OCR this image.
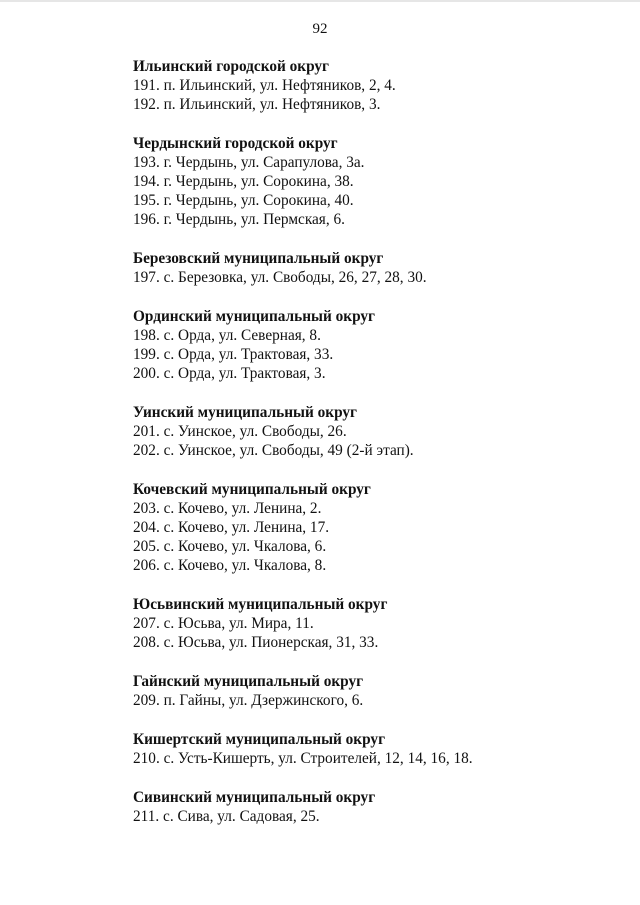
92
Ильинский городской округ
191. п. Ильинский, ул. Нефтяников, 2, 4.
192. п. Ильинский, ул. Нефтяников, 3.
Чердынский городской округ
193. г. Чердынь, ул. Сарапулова, 3а.
194. г. Чердынь, ул. Сорокина, 38.
195. г. Чердынь, ул. Сорокина, 40.
196. г. Чердынь, ул. Пермская, 6.
Березовский муниципальный округ
197. с. Березовка, ул. Свободы, 26, 27, 28, 30.
Ординский муниципальный округ
198. с. Орда, ул. Северная, 8.
199. с. Орда, ул. Трактовая, 33.
200. с. Орда, ул. Трактовая, 3.
Уинский муниципальный округ
201. с. Уинское, ул. Свободы, 26.
202. с. Уинское, ул. Свободы, 49 (2-й этап).
Кочевский муниципальный округ
203. с. Кочево, ул. Ленина, 2.
204. с. Кочево, ул. Ленина, 17.
205. с. Кочево, ул. Чкалова, 6.
206. с. Кочево, ул. Чкалова, 8.
Юсьвинский муниципальный округ
207. с. Юсьва, ул. Мира, 11.
208. с. Юсьва, ул. Пионерская, 31, 33.
Гайнский муниципальный округ
209. п. Гайны, ул. Дзержинского, 6.
Кишертский муниципальный округ
210. с. Усть-Кишерть, ул. Строителей, 12, 14, 16, 18.
Сивинский муниципальный округ
211. с. Сива, ул. Садовая, 25.
